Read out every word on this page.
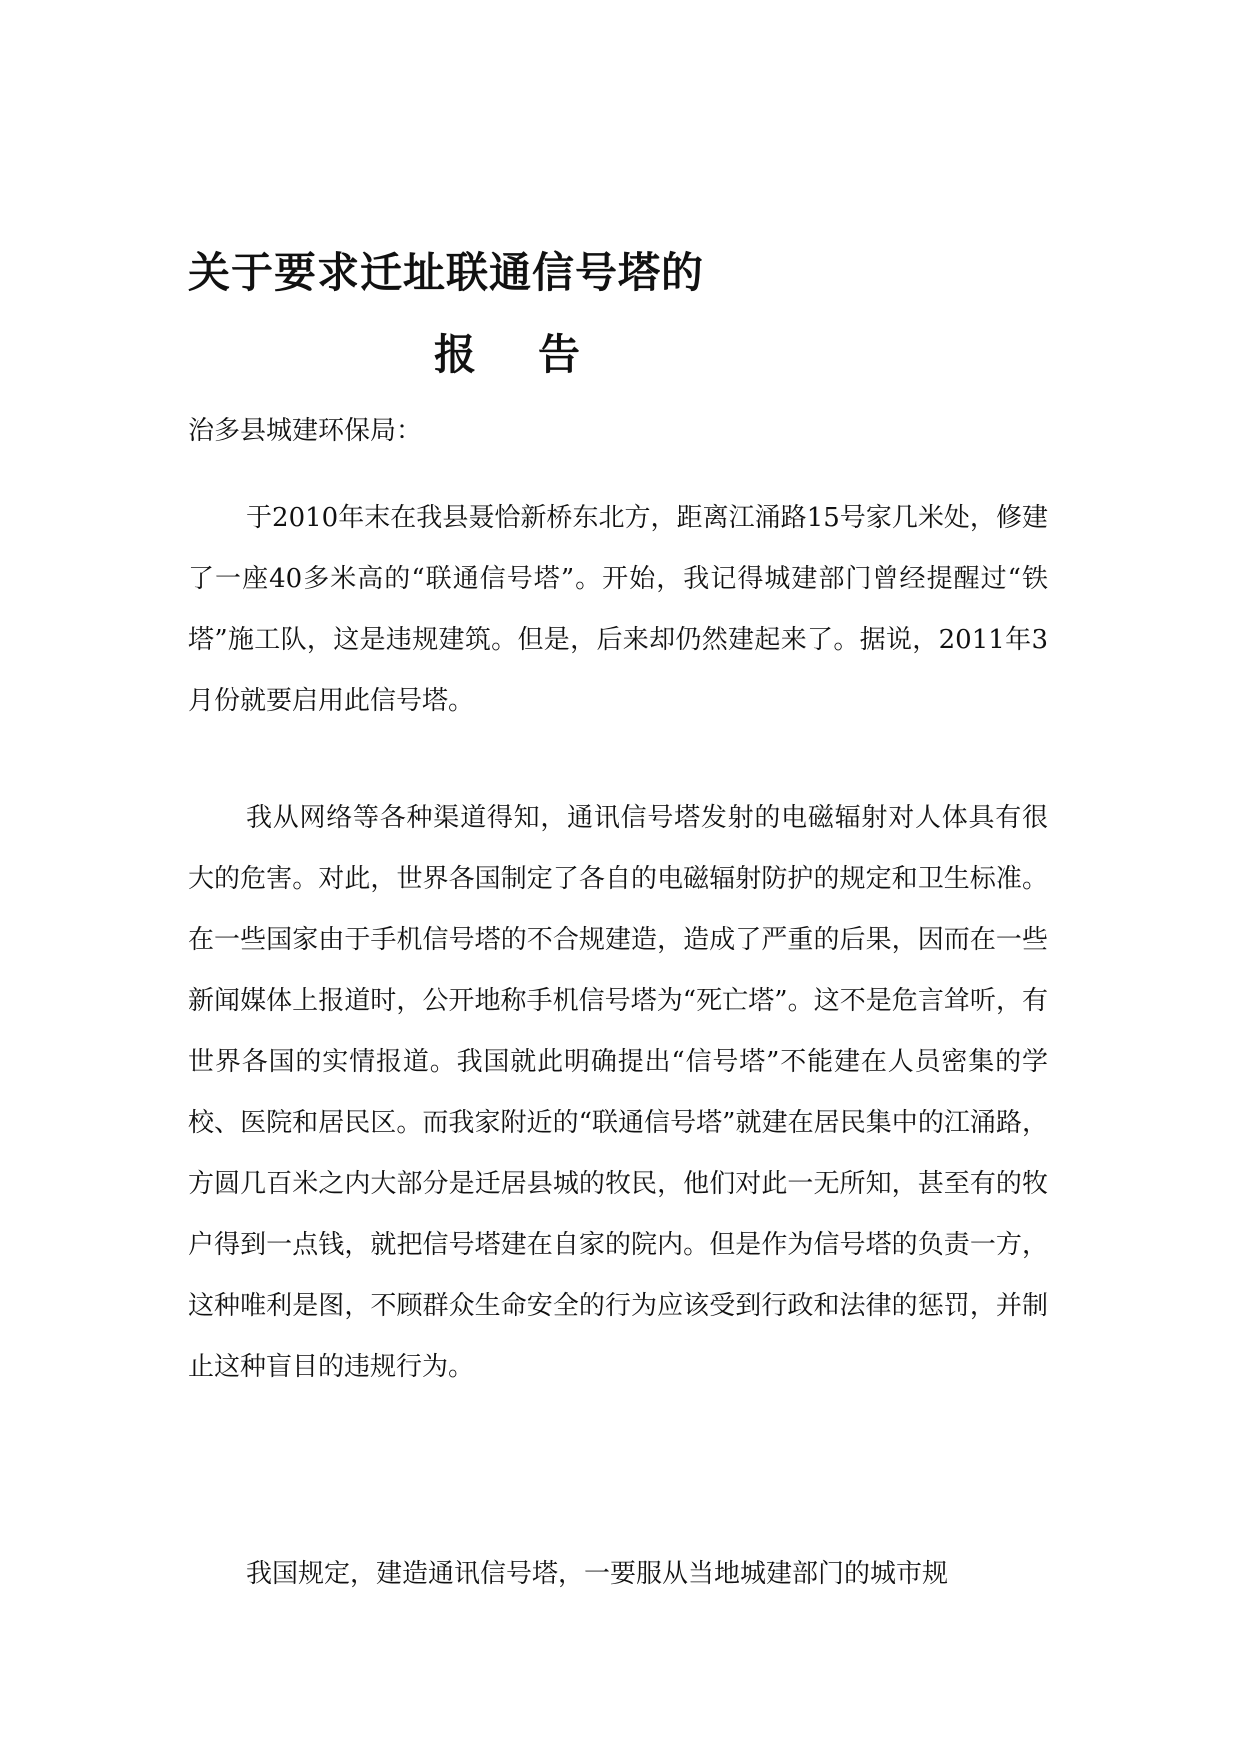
关于要求迁址联通信号塔的
报告

治多县城建环保局：

于2010年末在我县聂恰新桥东北方，距离江涌路15号家几米处，修建了一座40多米高的“联通信号塔”。开始，我记得城建部门曾经提醒过“铁塔”施工队，这是违规建筑。但是，后来却仍然建起来了。据说，2011年3月份就要启用此信号塔。

我从网络等各种渠道得知，通讯信号塔发射的电磁辐射对人体具有很大的危害。对此，世界各国制定了各自的电磁辐射防护的规定和卫生标准。在一些国家由于手机信号塔的不合规建造，造成了严重的后果，因而在一些新闻媒体上报道时，公开地称手机信号塔为“死亡塔”。这不是危言耸听，有世界各国的实情报道。我国就此明确提出“信号塔”不能建在人员密集的学校、医院和居民区。而我家附近的“联通信号塔”就建在居民集中的江涌路，方圆几百米之内大部分是迁居县城的牧民，他们对此一无所知，甚至有的牧户得到一点钱，就把信号塔建在自家的院内。但是作为信号塔的负责一方，这种唯利是图，不顾群众生命安全的行为应该受到行政和法律的惩罚，并制止这种盲目的违规行为。

我国规定，建造通讯信号塔，一要服从当地城建部门的城市规
